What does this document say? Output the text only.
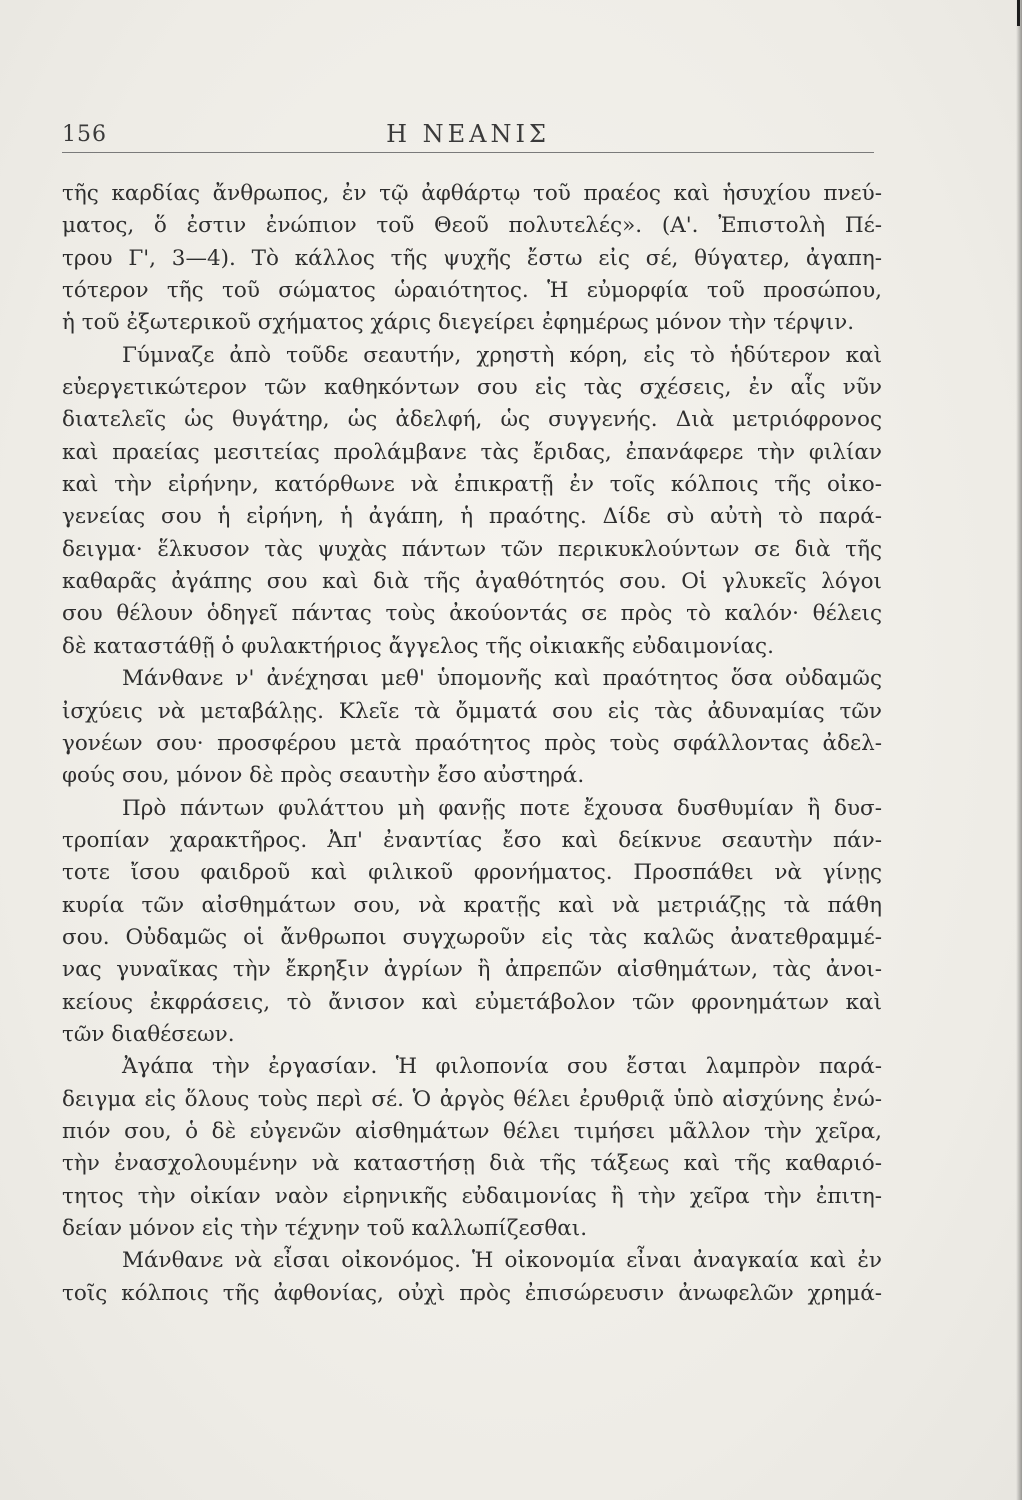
156	Η ΝΕΑΝΙΣ
τῆς καρδίας ἄνθρωπος, ἐν τῷ ἀφθάρτῳ τοῦ πραέος καὶ ἡσυχίου πνεύ-
ματος, ὅ ἐστιν ἐνώπιον τοῦ Θεοῦ πολυτελές». (Α'. Ἐπιστολὴ Πέ-
τρου Γ', 3—4). Τὸ κάλλος τῆς ψυχῆς ἔστω εἰς σέ, θύγατερ, ἀγαπη-
τότερον τῆς τοῦ σώματος ὡραιότητος. Ἡ εὐμορφία τοῦ προσώπου,
ἡ τοῦ ἐξωτερικοῦ σχήματος χάρις διεγείρει ἐφημέρως μόνον τὴν τέρψιν.
Γύμναζε ἀπὸ τοῦδε σεαυτήν, χρηστὴ κόρη, εἰς τὸ ἡδύτερον καὶ
εὐεργετικώτερον τῶν καθηκόντων σου εἰς τὰς σχέσεις, ἐν αἷς νῦν
διατελεῖς ὡς θυγάτηρ, ὡς ἀδελφή, ὡς συγγενής. Διὰ μετριόφρονος
καὶ πραείας μεσιτείας προλάμβανε τὰς ἔριδας, ἐπανάφερε τὴν φιλίαν
καὶ τὴν εἰρήνην, κατόρθωνε νὰ ἐπικρατῇ ἐν τοῖς κόλποις τῆς οἰκο-
γενείας σου ἡ εἰρήνη, ἡ ἀγάπη, ἡ πραότης. Δίδε σὺ αὐτὴ τὸ παρά-
δειγμα· ἕλκυσον τὰς ψυχὰς πάντων τῶν περικυκλούντων σε διὰ τῆς
καθαρᾶς ἀγάπης σου καὶ διὰ τῆς ἀγαθότητός σου. Οἱ γλυκεῖς λόγοι
σου θέλουν ὁδηγεῖ πάντας τοὺς ἀκούοντάς σε πρὸς τὸ καλόν· θέλεις
δὲ καταστάθῇ ὁ φυλακτήριος ἄγγελος τῆς οἰκιακῆς εὐδαιμονίας.
Μάνθανε ν' ἀνέχησαι μεθ' ὑπομονῆς καὶ πραότητος ὅσα οὐδαμῶς
ἰσχύεις νὰ μεταβάλῃς. Κλεῖε τὰ ὄμματά σου εἰς τὰς ἀδυναμίας τῶν
γονέων σου· προσφέρου μετὰ πραότητος πρὸς τοὺς σφάλλοντας ἀδελ-
φούς σου, μόνον δὲ πρὸς σεαυτὴν ἔσο αὐστηρά.
Πρὸ πάντων φυλάττου μὴ φανῇς ποτε ἔχουσα δυσθυμίαν ἢ δυσ-
τροπίαν χαρακτῆρος. Ἀπ' ἐναντίας ἔσο καὶ δείκνυε σεαυτὴν πάν-
τοτε ἴσου φαιδροῦ καὶ φιλικοῦ φρονήματος. Προσπάθει νὰ γίνῃς
κυρία τῶν αἰσθημάτων σου, νὰ κρατῇς καὶ νὰ μετριάζῃς τὰ πάθη
σου. Οὐδαμῶς οἱ ἄνθρωποι συγχωροῦν εἰς τὰς καλῶς ἀνατεθραμμέ-
νας γυναῖκας τὴν ἔκρηξιν ἀγρίων ἢ ἀπρεπῶν αἰσθημάτων, τὰς ἀνοι-
κείους ἐκφράσεις, τὸ ἄνισον καὶ εὐμετάβολον τῶν φρονημάτων καὶ
τῶν διαθέσεων.
Ἀγάπα τὴν ἐργασίαν. Ἡ φιλοπονία σου ἔσται λαμπρὸν παρά-
δειγμα εἰς ὅλους τοὺς περὶ σέ. Ὁ ἀργὸς θέλει ἐρυθριᾷ ὑπὸ αἰσχύνης ἐνώ-
πιόν σου, ὁ δὲ εὐγενῶν αἰσθημάτων θέλει τιμήσει μᾶλλον τὴν χεῖρα,
τὴν ἐνασχολουμένην νὰ καταστήσῃ διὰ τῆς τάξεως καὶ τῆς καθαριό-
τητος τὴν οἰκίαν ναὸν εἰρηνικῆς εὐδαιμονίας ἢ τὴν χεῖρα τὴν ἐπιτη-
δείαν μόνον εἰς τὴν τέχνην τοῦ καλλωπίζεσθαι.
Μάνθανε νὰ εἶσαι οἰκονόμος. Ἡ οἰκονομία εἶναι ἀναγκαία καὶ ἐν
τοῖς κόλποις τῆς ἀφθονίας, οὐχὶ πρὸς ἐπισώρευσιν ἀνωφελῶν χρημά-
